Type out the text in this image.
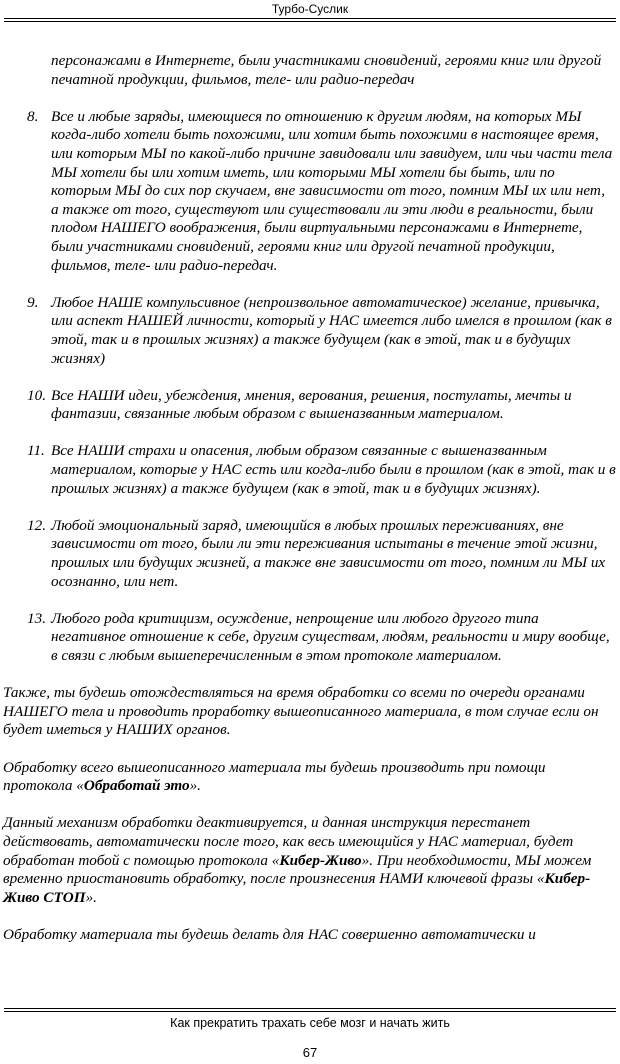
Турбо-Суслик
персонажами в Интернете, были участниками сновидений, героями книг или другой печатной продукции, фильмов, теле- или радио-передач
8. Все и любые заряды, имеющиеся по отношению к другим людям, на которых МЫ когда-либо хотели быть похожими, или хотим быть похожими в настоящее время, или которым МЫ по какой-либо причине завидовали или завидуем, или чьи части тела МЫ хотели бы или хотим иметь, или которыми МЫ хотели бы быть, или по которым МЫ до сих пор скучаем, вне зависимости от того, помним МЫ их или нет, а также от того, существуют или существовали ли эти люди в реальности, были плодом НАШЕГО воображения, были виртуальными персонажами в Интернете, были участниками сновидений, героями книг или другой печатной продукции, фильмов, теле- или радио-передач.
9. Любое НАШЕ компульсивное (непроизвольное автоматическое) желание, привычка, или аспект НАШЕЙ личности, который у НАС имеется либо имелся в прошлом (как в этой, так и в прошлых жизнях) а также будущем (как в этой, так и в будущих жизнях)
10. Все НАШИ идеи, убеждения, мнения, верования, решения, постулаты, мечты и фантазии, связанные любым образом с вышеназванным материалом.
11. Все НАШИ страхи и опасения, любым образом связанные с вышеназванным материалом, которые у НАС есть или когда-либо были в прошлом (как в этой, так и в прошлых жизнях) а также будущем (как в этой, так и в будущих жизнях).
12. Любой эмоциональный заряд, имеющийся в любых прошлых переживаниях, вне зависимости от того, были ли эти переживания испытаны в течение этой жизни, прошлых или будущих жизней, а также вне зависимости от того, помним ли МЫ их осознанно, или нет.
13. Любого рода критицизм, осуждение, непрощение или любого другого типа негативное отношение к себе, другим существам, людям, реальности и миру вообще, в связи с любым вышеперечисленным в этом протоколе материалом.

Также, ты будешь отождествляться на время обработки со всеми по очереди органами НАШЕГО тела и проводить проработку вышеописанного материала, в том случае если он будет иметься у НАШИХ органов.

Обработку всего вышеописанного материала ты будешь производить при помощи протокола «Обработай это».

Данный механизм обработки деактивируется, и данная инструкция перестанет действовать, автоматически после того, как весь имеющийся у НАС материал, будет обработан тобой с помощью протокола «Кибер-Живо». При необходимости, МЫ можем временно приостановить обработку, после произнесения НАМИ ключевой фразы «Кибер-Живо СТОП».

Обработку материала ты будешь делать для НАС совершенно автоматически и

Как прекратить трахать себе мозг и начать жить
67
